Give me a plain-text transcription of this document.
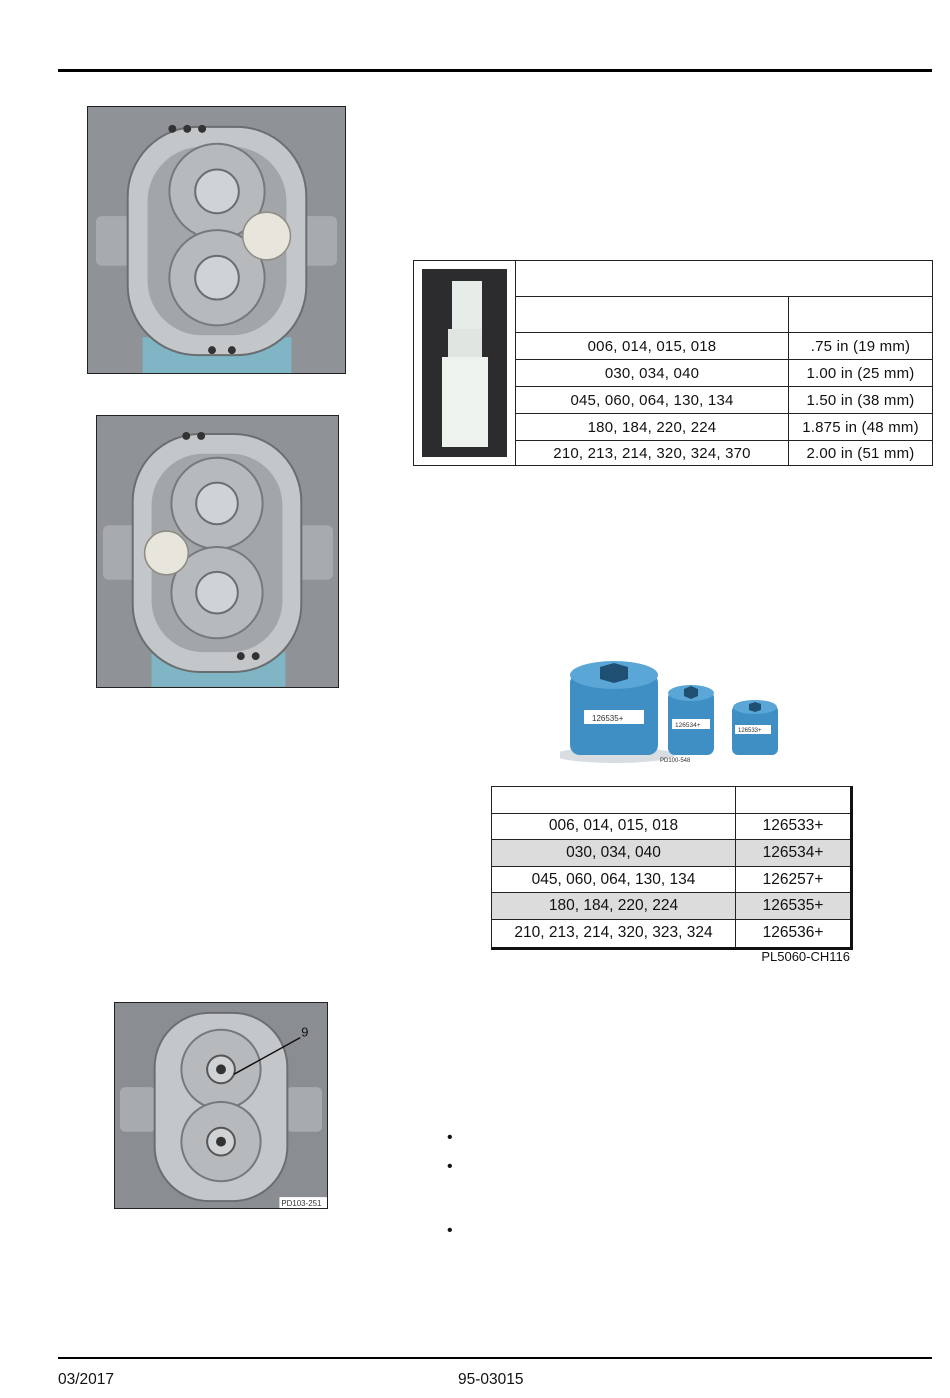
006, 014, 015, 018	.75 in (19 mm)
030, 034, 040	1.00 in (25 mm)
045, 060, 064, 130, 134	1.50 in (38 mm)
180, 184, 220, 224	1.875 in (48 mm)
210, 213, 214, 320, 324, 370	2.00 in (51 mm)
126535+
126534+
126533+
PD100-548
006, 014, 015, 018	126533+
030, 034, 040	126534+
045, 060, 064, 130, 134	126257+
180, 184, 220, 224	126535+
210, 213, 214, 320, 323, 324	126536+
PL5060-CH116
9
PD103-251
•
•
•
03/2017	95-03015
